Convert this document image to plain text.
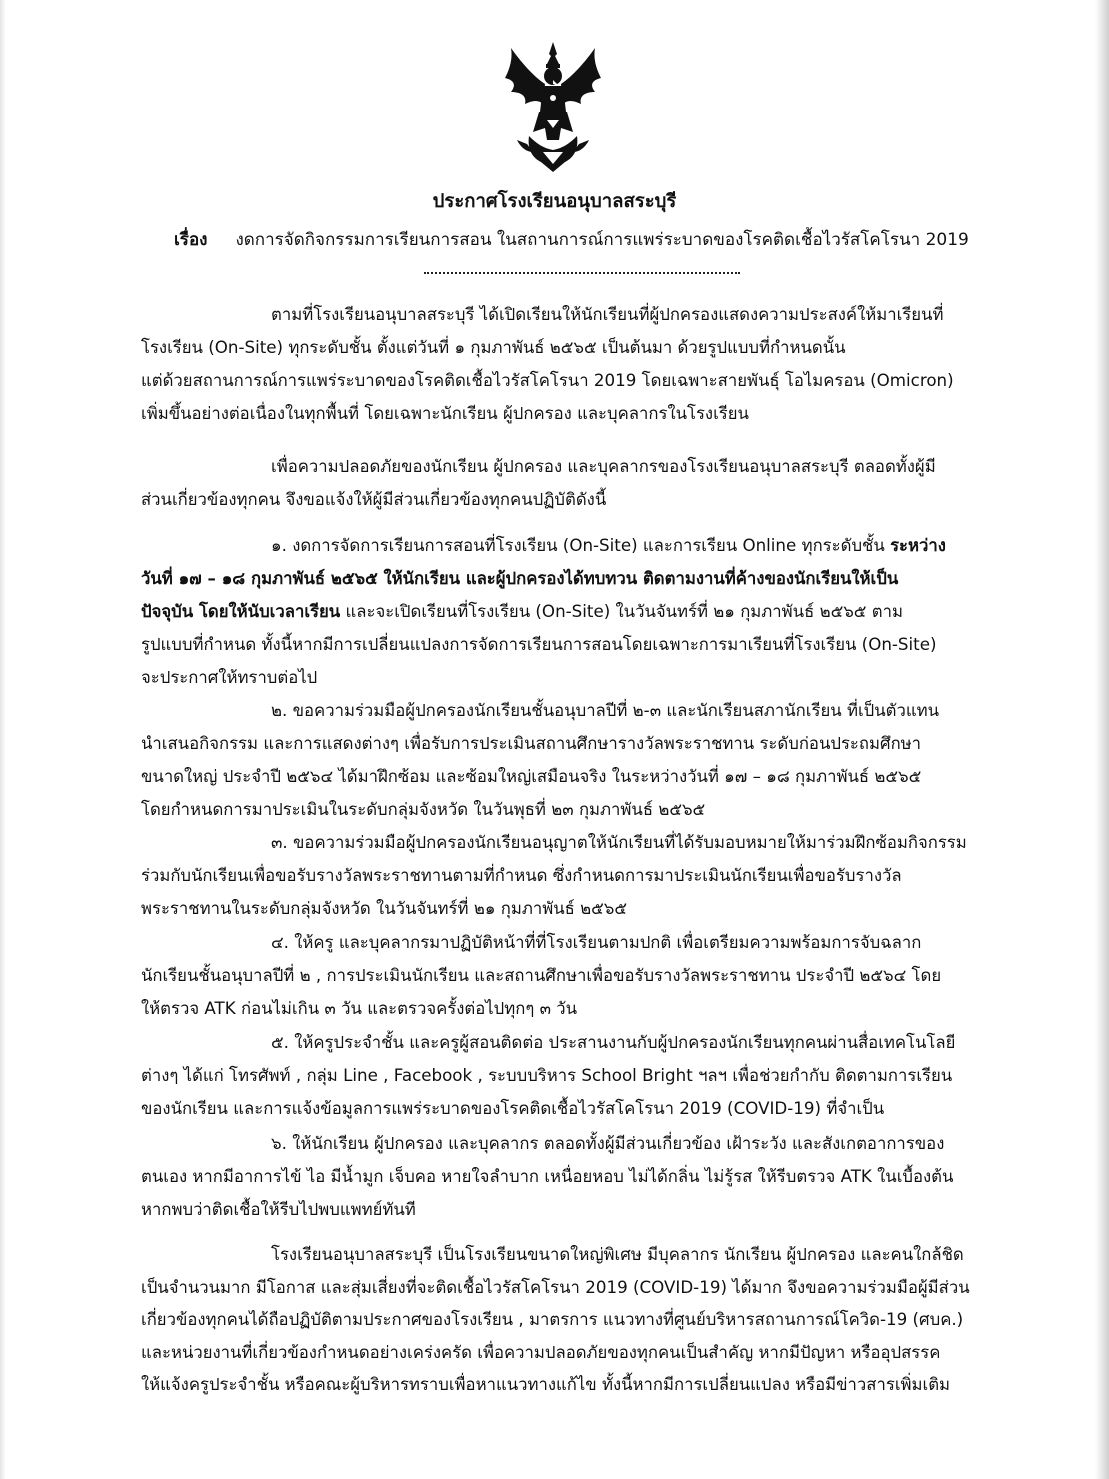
ประกาศโรงเรียนอนุบาลสระบุรี
เรื่อง งดการจัดกิจกรรมการเรียนการสอน ในสถานการณ์การแพร่ระบาดของโรคติดเชื้อไวรัสโคโรนา 2019
ตามที่โรงเรียนอนุบาลสระบุรี ได้เปิดเรียนให้นักเรียนที่ผู้ปกครองแสดงความประสงค์ให้มาเรียนที่
โรงเรียน (On-Site) ทุกระดับชั้น ตั้งแต่วันที่ ๑ กุมภาพันธ์ ๒๕๖๕ เป็นต้นมา ด้วยรูปแบบที่กำหนดนั้น
แต่ด้วยสถานการณ์การแพร่ระบาดของโรคติดเชื้อไวรัสโคโรนา 2019 โดยเฉพาะสายพันธุ์ โอไมครอน (Omicron)
เพิ่มขึ้นอย่างต่อเนื่องในทุกพื้นที่ โดยเฉพาะนักเรียน ผู้ปกครอง และบุคลากรในโรงเรียน
เพื่อความปลอดภัยของนักเรียน ผู้ปกครอง และบุคลากรของโรงเรียนอนุบาลสระบุรี ตลอดทั้งผู้มี
ส่วนเกี่ยวข้องทุกคน จึงขอแจ้งให้ผู้มีส่วนเกี่ยวข้องทุกคนปฏิบัติดังนี้
๑. งดการจัดการเรียนการสอนที่โรงเรียน (On-Site) และการเรียน Online ทุกระดับชั้น ระหว่าง
วันที่ ๑๗ – ๑๘ กุมภาพันธ์ ๒๕๖๕ ให้นักเรียน และผู้ปกครองได้ทบทวน ติดตามงานที่ค้างของนักเรียนให้เป็น
ปัจจุบัน โดยให้นับเวลาเรียน และจะเปิดเรียนที่โรงเรียน (On-Site) ในวันจันทร์ที่ ๒๑ กุมภาพันธ์ ๒๕๖๕ ตาม
รูปแบบที่กำหนด ทั้งนี้หากมีการเปลี่ยนแปลงการจัดการเรียนการสอนโดยเฉพาะการมาเรียนที่โรงเรียน (On-Site)
จะประกาศให้ทราบต่อไป
๒. ขอความร่วมมือผู้ปกครองนักเรียนชั้นอนุบาลปีที่ ๒-๓ และนักเรียนสภานักเรียน ที่เป็นตัวแทน
นำเสนอกิจกรรม และการแสดงต่างๆ เพื่อรับการประเมินสถานศึกษารางวัลพระราชทาน ระดับก่อนประถมศึกษา
ขนาดใหญ่ ประจำปี ๒๕๖๔ ได้มาฝึกซ้อม และซ้อมใหญ่เสมือนจริง ในระหว่างวันที่ ๑๗ – ๑๘ กุมภาพันธ์ ๒๕๖๕
โดยกำหนดการมาประเมินในระดับกลุ่มจังหวัด ในวันพุธที่ ๒๓ กุมภาพันธ์ ๒๕๖๕
๓. ขอความร่วมมือผู้ปกครองนักเรียนอนุญาตให้นักเรียนที่ได้รับมอบหมายให้มาร่วมฝึกซ้อมกิจกรรม
ร่วมกับนักเรียนเพื่อขอรับรางวัลพระราชทานตามที่กำหนด ซึ่งกำหนดการมาประเมินนักเรียนเพื่อขอรับรางวัล
พระราชทานในระดับกลุ่มจังหวัด ในวันจันทร์ที่ ๒๑ กุมภาพันธ์ ๒๕๖๕
๔. ให้ครู และบุคลากรมาปฏิบัติหน้าที่ที่โรงเรียนตามปกติ เพื่อเตรียมความพร้อมการจับฉลาก
นักเรียนชั้นอนุบาลปีที่ ๒ , การประเมินนักเรียน และสถานศึกษาเพื่อขอรับรางวัลพระราชทาน ประจำปี ๒๕๖๔ โดย
ให้ตรวจ ATK ก่อนไม่เกิน ๓ วัน และตรวจครั้งต่อไปทุกๆ ๓ วัน
๕. ให้ครูประจำชั้น และครูผู้สอนติดต่อ ประสานงานกับผู้ปกครองนักเรียนทุกคนผ่านสื่อเทคโนโลยี
ต่างๆ ได้แก่ โทรศัพท์ , กลุ่ม Line , Facebook , ระบบบริหาร School Bright ฯลฯ เพื่อช่วยกำกับ ติดตามการเรียน
ของนักเรียน และการแจ้งข้อมูลการแพร่ระบาดของโรคติดเชื้อไวรัสโคโรนา 2019 (COVID-19) ที่จำเป็น
๖. ให้นักเรียน ผู้ปกครอง และบุคลากร ตลอดทั้งผู้มีส่วนเกี่ยวข้อง เฝ้าระวัง และสังเกตอาการของ
ตนเอง หากมีอาการไข้ ไอ มีน้ำมูก เจ็บคอ หายใจลำบาก เหนื่อยหอบ ไม่ได้กลิ่น ไม่รู้รส ให้รีบตรวจ ATK ในเบื้องต้น
หากพบว่าติดเชื้อให้รีบไปพบแพทย์ทันที
โรงเรียนอนุบาลสระบุรี เป็นโรงเรียนขนาดใหญ่พิเศษ มีบุคลากร นักเรียน ผู้ปกครอง และคนใกล้ชิด
เป็นจำนวนมาก มีโอกาส และสุ่มเสี่ยงที่จะติดเชื้อไวรัสโคโรนา 2019 (COVID-19) ได้มาก จึงขอความร่วมมือผู้มีส่วน
เกี่ยวข้องทุกคนได้ถือปฏิบัติตามประกาศของโรงเรียน , มาตรการ แนวทางที่ศูนย์บริหารสถานการณ์โควิด-19 (ศบค.)
และหน่วยงานที่เกี่ยวข้องกำหนดอย่างเคร่งครัด เพื่อความปลอดภัยของทุกคนเป็นสำคัญ หากมีปัญหา หรืออุปสรรค
ให้แจ้งครูประจำชั้น หรือคณะผู้บริหารทราบเพื่อหาแนวทางแก้ไข ทั้งนี้หากมีการเปลี่ยนแปลง หรือมีข่าวสารเพิ่มเติม
